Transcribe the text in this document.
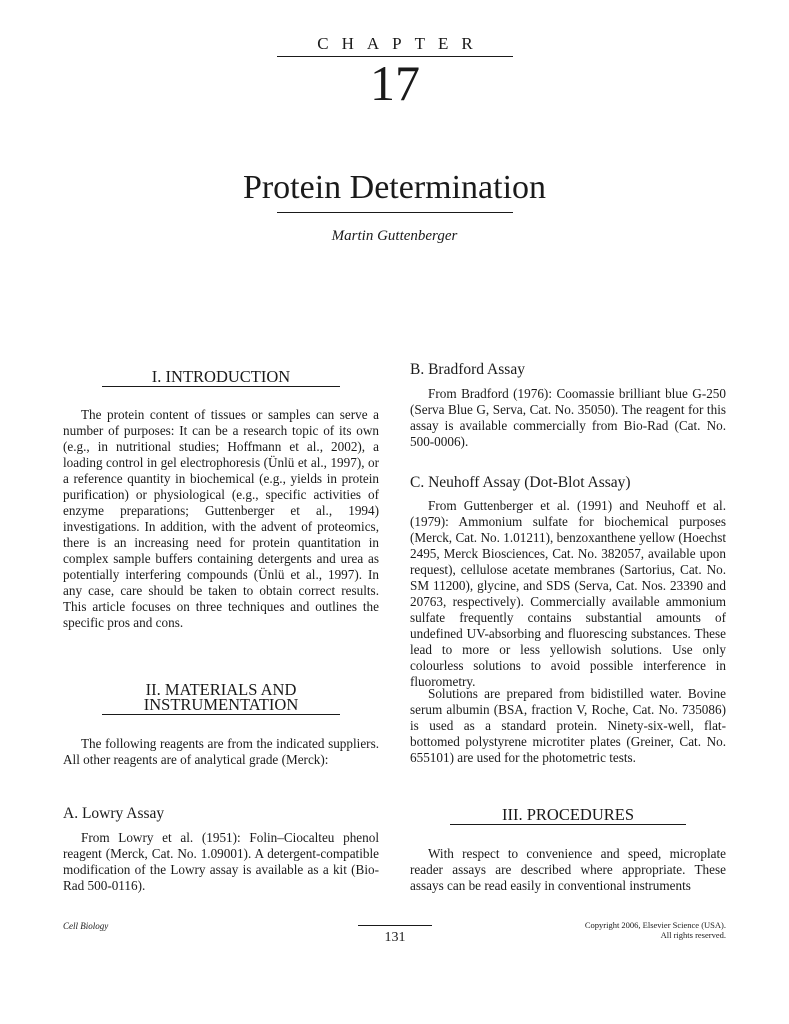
CHAPTER
17
Protein Determination
Martin Guttenberger
I. INTRODUCTION

The protein content of tissues or samples can serve a number of purposes: It can be a research topic of its own (e.g., in nutritional studies; Hoffmann et al., 2002), a loading control in gel electrophoresis (Ünlü et al., 1997), or a reference quantity in biochemical (e.g., yields in protein purification) or physiological (e.g., specific activities of enzyme preparations; Guttenberger et al., 1994) investigations. In addition, with the advent of proteomics, there is an increasing need for protein quantitation in complex sample buffers containing detergents and urea as potentially interfering compounds (Ünlü et al., 1997). In any case, care should be taken to obtain correct results. This article focuses on three techniques and outlines the specific pros and cons.

II. MATERIALS AND
INSTRUMENTATION

The following reagents are from the indicated suppliers. All other reagents are of analytical grade (Merck):

A. Lowry Assay

From Lowry et al. (1951): Folin–Ciocalteu phenol reagent (Merck, Cat. No. 1.09001). A detergent-compatible modification of the Lowry assay is available as a kit (Bio-Rad 500-0116).

B. Bradford Assay

From Bradford (1976): Coomassie brilliant blue G-250 (Serva Blue G, Serva, Cat. No. 35050). The reagent for this assay is available commercially from Bio-Rad (Cat. No. 500-0006).

C. Neuhoff Assay (Dot-Blot Assay)

From Guttenberger et al. (1991) and Neuhoff et al. (1979): Ammonium sulfate for biochemical purposes (Merck, Cat. No. 1.01211), benzoxanthene yellow (Hoechst 2495, Merck Biosciences, Cat. No. 382057, available upon request), cellulose acetate membranes (Sartorius, Cat. No. SM 11200), glycine, and SDS (Serva, Cat. Nos. 23390 and 20763, respectively). Commercially available ammonium sulfate frequently contains substantial amounts of undefined UV-absorbing and fluorescing substances. These lead to more or less yellowish solutions. Use only colourless solutions to avoid possible interference in fluorometry.

Solutions are prepared from bidistilled water. Bovine serum albumin (BSA, fraction V, Roche, Cat. No. 735086) is used as a standard protein. Ninety-six-well, flat-bottomed polystyrene microtiter plates (Greiner, Cat. No. 655101) are used for the photometric tests.

III. PROCEDURES

With respect to convenience and speed, microplate reader assays are described where appropriate. These assays can be read easily in conventional instruments

Cell Biology
131
Copyright 2006, Elsevier Science (USA).
All rights reserved.
